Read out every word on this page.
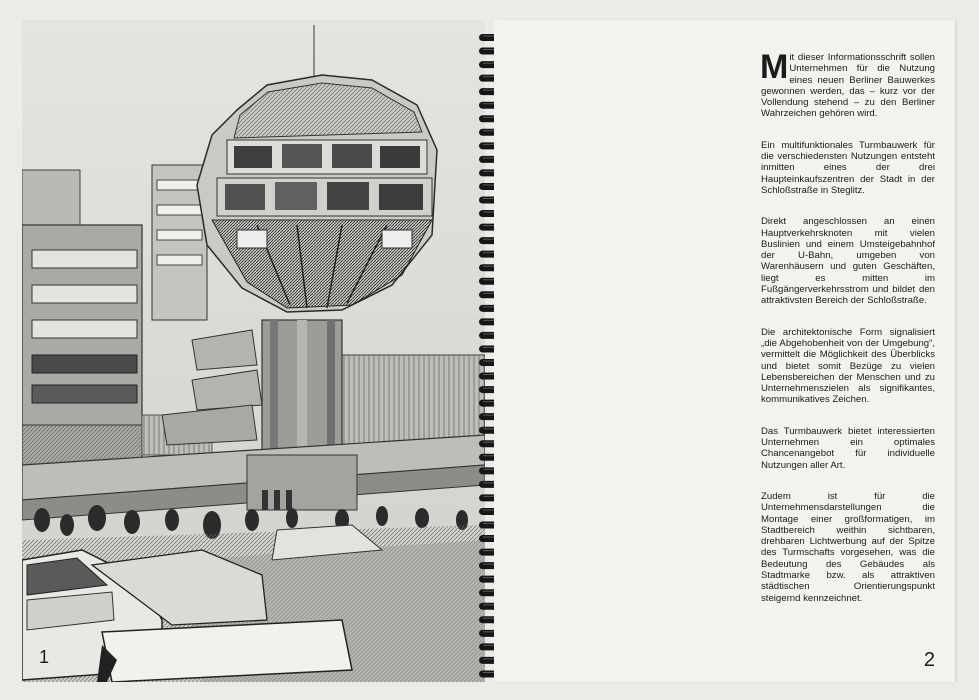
1

Mit dieser Informationsschrift sollen Unternehmen für die Nutzung eines neuen Berliner Bauwerkes gewonnen werden, das – kurz vor der Vollendung stehend – zu den Berliner Wahrzeichen gehören wird.

Ein multifunktionales Turmbauwerk für die verschiedensten Nutzungen entsteht inmitten eines der drei Haupteinkaufszentren der Stadt in der Schloßstraße in Steglitz.

Direkt angeschlossen an einen Hauptverkehrsknoten mit vielen Buslinien und einem Umsteigebahnhof der U-Bahn, umgeben von Warenhäusern und guten Geschäften, liegt es mitten im Fußgängerverkehrsstrom und bildet den attraktivsten Bereich der Schloßstraße.

Die architektonische Form signalisiert „die Abgehobenheit von der Umgebung“, vermittelt die Möglichkeit des Überblicks und bietet somit Bezüge zu vielen Lebensbereichen der Menschen und zu Unternehmenszielen als signifikantes, kommunikatives Zeichen.

Das Turmbauwerk bietet interessierten Unternehmen ein optimales Chancenangebot für individuelle Nutzungen aller Art.

Zudem ist für die Unternehmensdarstellungen die Montage einer großformatigen, im Stadtbereich weithin sichtbaren, drehbaren Lichtwerbung auf der Spitze des Turmschafts vorgesehen, was die Bedeutung des Gebäudes als Stadtmarke bzw. als attraktiven städtischen Orientierungspunkt steigernd kennzeichnet.

2
